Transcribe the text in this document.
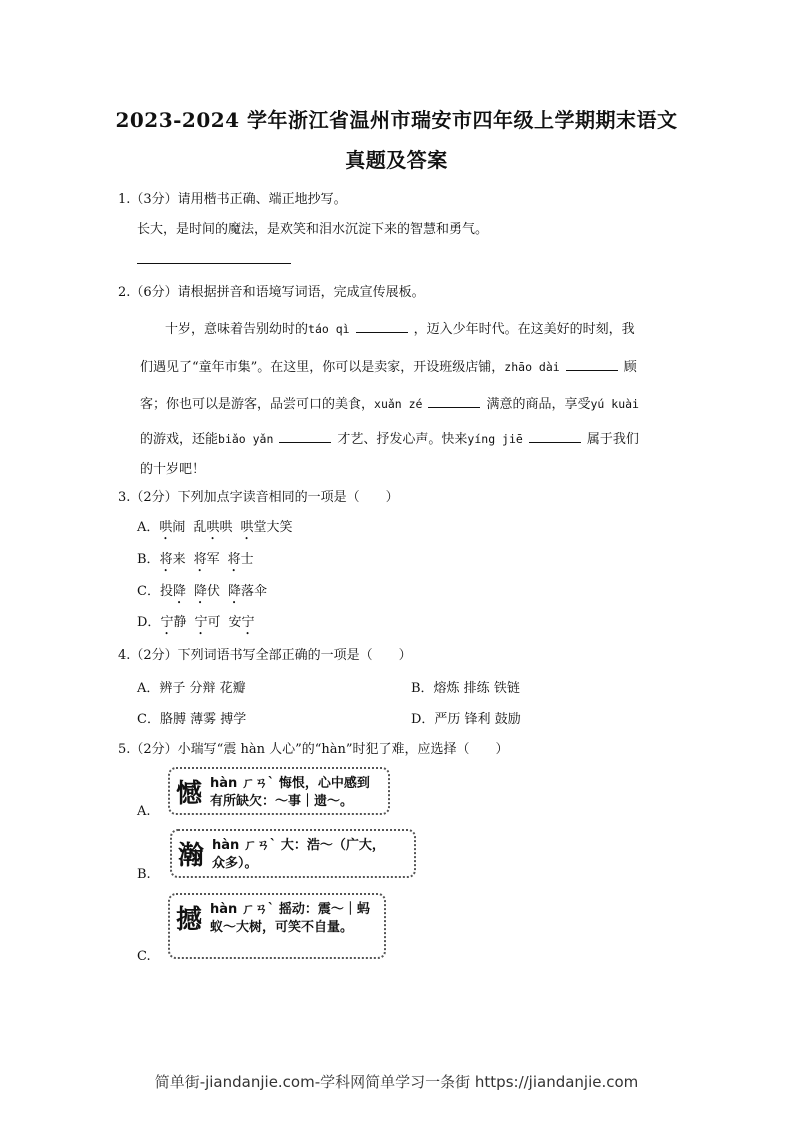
2023-2024 学年浙江省温州市瑞安市四年级上学期期末语文
真题及答案
1.（3分）请用楷书正确、端正地抄写。
长大，是时间的魔法，是欢笑和泪水沉淀下来的智慧和勇气。
2.（6分）请根据拼音和语境写词语，完成宣传展板。
十岁，意味着告别幼时的táo qì	，迈入少年时代。在这美好的时刻，我
们遇见了“童年市集”。在这里，你可以是卖家，开设班级店铺，zhāo dài	顾
客；你也可以是游客，品尝可口的美食，xuǎn zé	满意的商品，享受yú kuài
的游戏，还能biǎo yǎn	才艺、抒发心声。快来yíng jiē	属于我们
的十岁吧！
3.（2分）下列加点字读音相同的一项是（　　）
A．哄闹 乱哄哄 哄堂大笑
B．将来 将军 将士
C．投降 降伏 降落伞
D．宁静 宁可 安宁
4.（2分）下列词语书写全部正确的一项是（　　）
A．辨子 分辩 花瓣	B．熔炼 排练 铁链
C．胳膊 薄雾 搏学	D．严历 锋利 鼓励
5.（2分）小瑞写“震 hàn 人心”的“hàn”时犯了难，应选择（　　）
A.
憾 hàn ㄏㄢˋ 悔恨，心中感到
有所缺欠：～事｜遗～。
B.
瀚 hàn ㄏㄢˋ 大：浩～（广大，
众多）。
C.
撼 hàn ㄏㄢˋ 摇动：震～｜蚂
蚁～大树，可笑不自量。
简单街-jiandanjie.com-学科网简单学习一条街 https://jiandanjie.com
